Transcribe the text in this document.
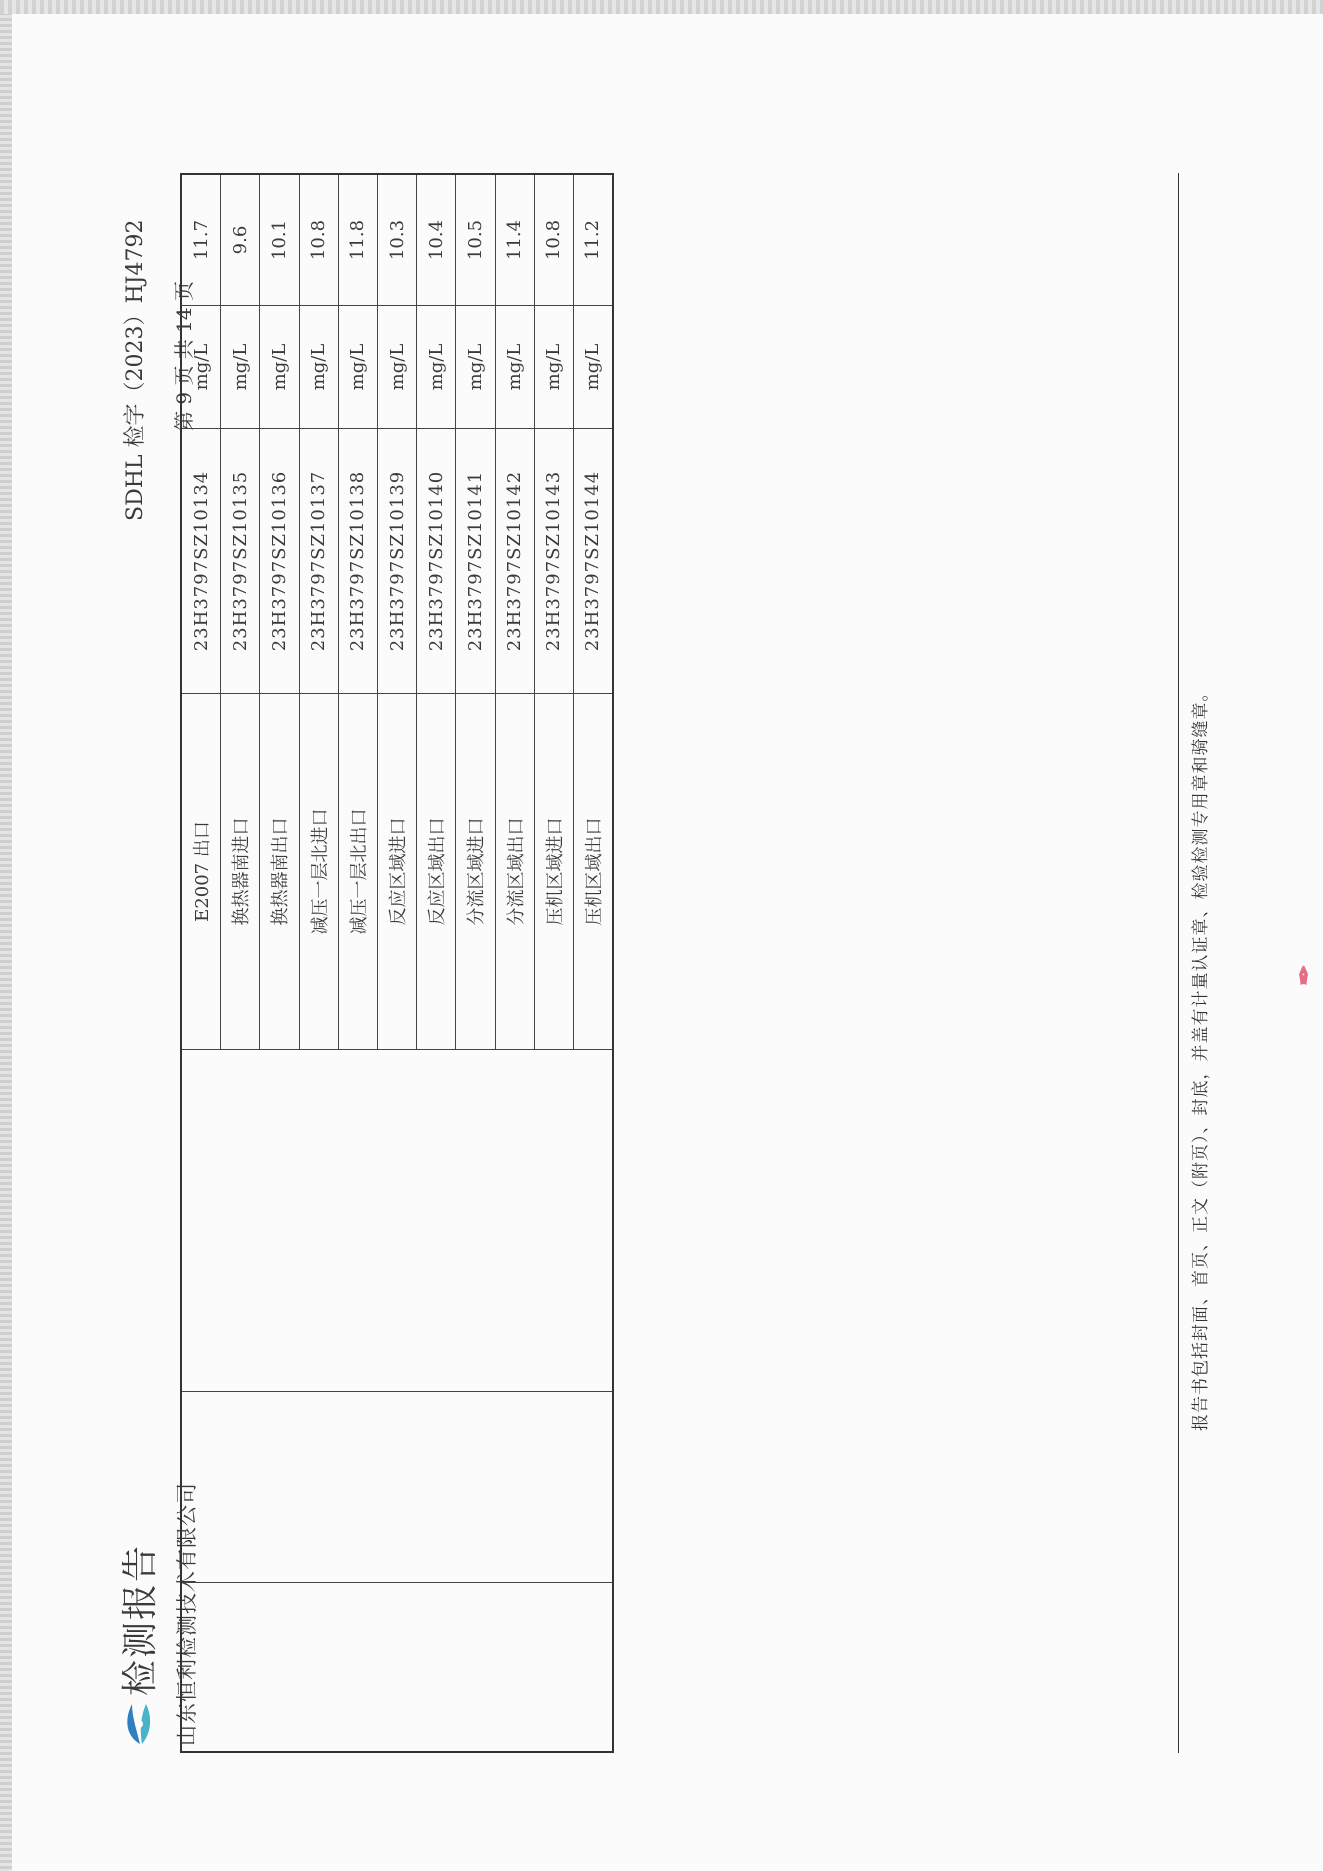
检测报告 山东恒利检测技术有限公司
SDHL 检字（2023）HJ4792 第 9 页 共 14 页
			E2007 出口	23H3797SZ10134	mg/L	11.7
			换热器南进口	23H3797SZ10135	mg/L	9.6
			换热器南出口	23H3797SZ10136	mg/L	10.1
			减压一层北进口	23H3797SZ10137	mg/L	10.8
			减压一层北出口	23H3797SZ10138	mg/L	11.8
			反应区域进口	23H3797SZ10139	mg/L	10.3
			反应区域出口	23H3797SZ10140	mg/L	10.4
			分流区域进口	23H3797SZ10141	mg/L	10.5
			分流区域出口	23H3797SZ10142	mg/L	11.4
			压机区域进口	23H3797SZ10143	mg/L	10.8
			压机区域出口	23H3797SZ10144	mg/L	11.2
报告书包括封面、首页、正文（附页）、封底，并盖有计量认证章、检验检测专用章和骑缝章。	✒
